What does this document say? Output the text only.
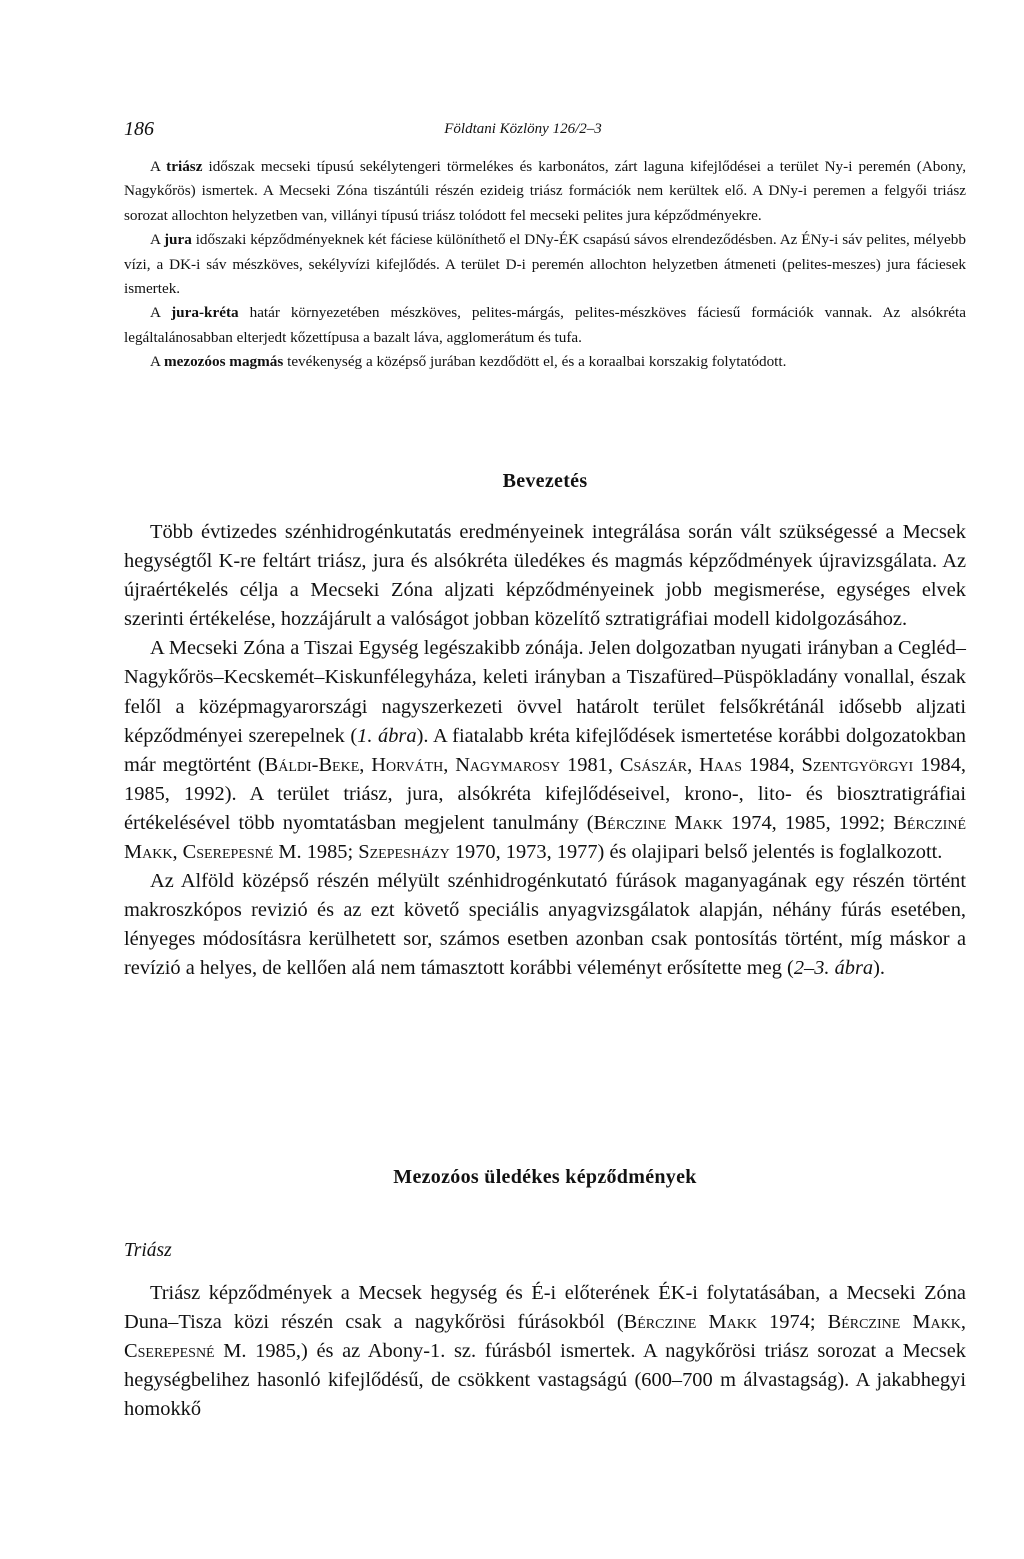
186	Földtani Közlöny 126/2–3

A triász időszak mecseki típusú sekélytengeri törmelékes és karbonátos, zárt laguna kifejlődései a terület Ny-i peremén (Abony, Nagykőrös) ismertek. A Mecseki Zóna tiszántúli részén ezideig triász formációk nem kerültek elő. A DNy-i peremen a felgyői triász sorozat allochton helyzetben van, villányi típusú triász tolódott fel mecseki pelites jura képződményekre.

A jura időszaki képződményeknek két fáciese különíthető el DNy-ÉK csapású sávos elrendeződésben. Az ÉNy-i sáv pelites, mélyebb vízi, a DK-i sáv mészköves, sekélyvízi kifejlődés. A terület D-i peremén allochton helyzetben átmeneti (pelites-meszes) jura fáciesek ismertek.

A jura-kréta határ környezetében mészköves, pelites-márgás, pelites-mészköves fáciesű formációk vannak. Az alsókréta legáltalánosabban elterjedt kőzettípusa a bazalt láva, agglomerátum és tufa.

A mezozóos magmás tevékenység a középső jurában kezdődött el, és a koraalbai korszakig folytatódott.

Bevezetés

Több évtizedes szénhidrogénkutatás eredményeinek integrálása során vált szükségessé a Mecsek hegységtől K-re feltárt triász, jura és alsókréta üledékes és magmás képződmények újravizsgálata. Az újraértékelés célja a Mecseki Zóna aljzati képződményeinek jobb megismerése, egységes elvek szerinti értékelése, hozzájárult a valóságot jobban közelítő sztratigráfiai modell kidolgozásához.

A Mecseki Zóna a Tiszai Egység legészakibb zónája. Jelen dolgozatban nyugati irányban a Cegléd–Nagykőrös–Kecskemét–Kiskunfélegyháza, keleti irányban a Tiszafüred–Püspökladány vonallal, észak felől a középmagyarországi nagyszerkezeti övvel határolt terület felsőkrétánál idősebb aljzati képződményei szerepelnek (1. ábra). A fiatalabb kréta kifejlődések ismertetése korábbi dolgozatokban már megtörtént (Báldi-Beke, Horváth, Nagymarosy 1981, Császár, Haas 1984, Szentgyörgyi 1984, 1985, 1992). A terület triász, jura, alsókréta kifejlődéseivel, krono-, lito- és biosztratigráfiai értékelésével több nyomtatásban megjelent tanulmány (Bérczine Makk 1974, 1985, 1992; Bércziné Makk, Cserepesné M. 1985; Szepesházy 1970, 1973, 1977) és olajipari belső jelentés is foglalkozott.

Az Alföld középső részén mélyült szénhidrogénkutató fúrások maganyagának egy részén történt makroszkópos revizió és az ezt követő speciális anyagvizsgálatok alapján, néhány fúrás esetében, lényeges módosításra kerülhetett sor, számos esetben azonban csak pontosítás történt, míg máskor a revízió a helyes, de kellően alá nem támasztott korábbi véleményt erősítette meg (2–3. ábra).

Mezozóos üledékes képződmények
Triász

Triász képződmények a Mecsek hegység és É-i előterének ÉK-i folytatásában, a Mecseki Zóna Duna–Tisza közi részén csak a nagykőrösi fúrásokból (Bérczine Makk 1974; Bérczine Makk, Cserepesné M. 1985,) és az Abony-1. sz. fúrásból ismertek. A nagykőrösi triász sorozat a Mecsek hegységbelihez hasonló kifejlődésű, de csökkent vastagságú (600–700 m álvastagság). A jakabhegyi homokkő
